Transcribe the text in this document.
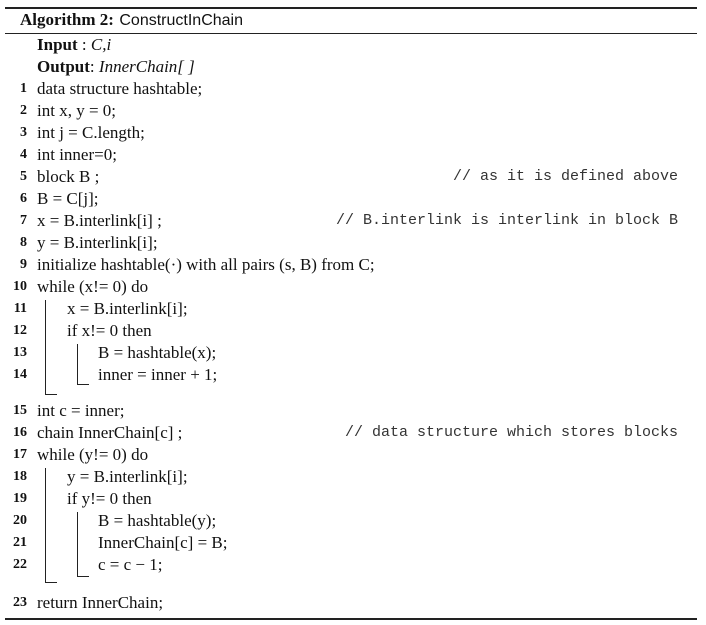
Algorithm 2: ConstructInChain
Input : C,i
Output: InnerChain[ ]
1 data structure hashtable;
2 int x, y = 0;
3 int j = C.length;
4 int inner=0;
5 block B ;	// as it is defined above
6 B = C[j];
7 x = B.interlink[i] ;	// B.interlink is interlink in block B
8 y = B.interlink[i];
9 initialize hashtable(·) with all pairs (s, B) from C;
10 while (x!= 0) do
11 x = B.interlink[i];
12 if x!= 0 then
13	B = hashtable(x);
14	inner = inner + 1;
15 int c = inner;
16 chain InnerChain[c] ;	// data structure which stores blocks
17 while (y!= 0) do
18 y = B.interlink[i];
19 if y!= 0 then
20	B = hashtable(y);
21	InnerChain[c] = B;
22	c = c − 1;
23 return InnerChain;
